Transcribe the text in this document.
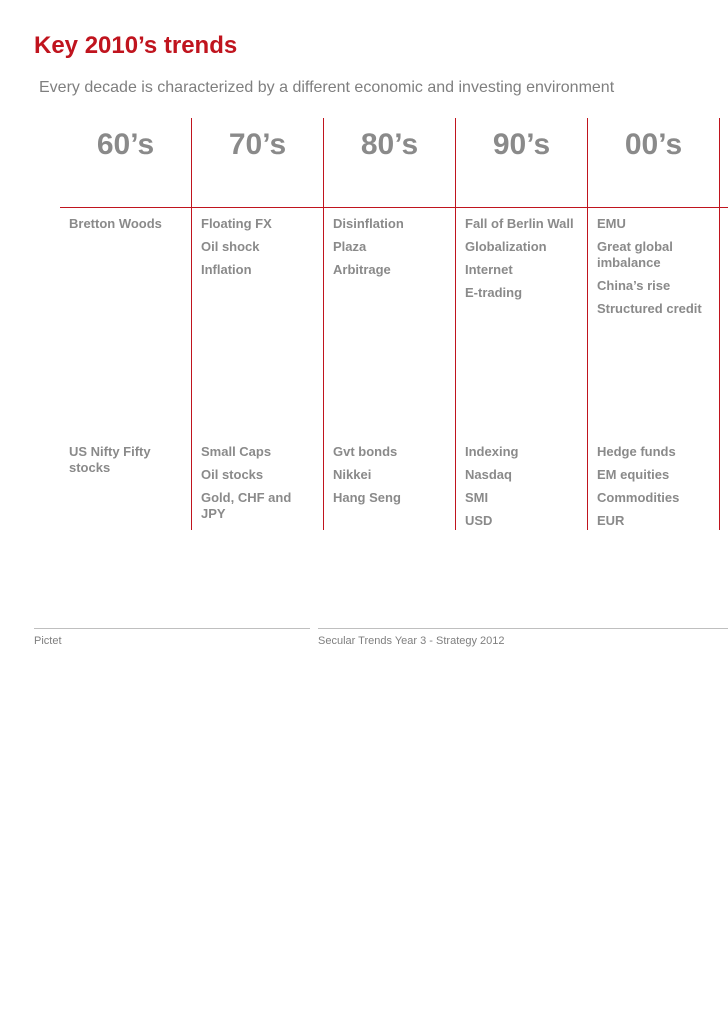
Key 2010’s trends

Every decade is characterized by a different economic and investing environment

60’s
Bretton Woods
US Nifty Fifty stocks
70’s
Floating FX
Oil shock
Inflation
Small Caps
Oil stocks
Gold, CHF and JPY
80’s
Disinflation
Plaza
Arbitrage
Gvt bonds
Nikkei
Hang Seng
90’s
Fall of Berlin Wall
Globalization
Internet
E-trading
Indexing
Nasdaq
SMI
USD
00’s
EMU
Great global imbalance
China’s rise
Structured credit
Hedge funds
EM equities
Commodities
EUR
Pictet	Secular Trends Year 3 - Strategy 2012
